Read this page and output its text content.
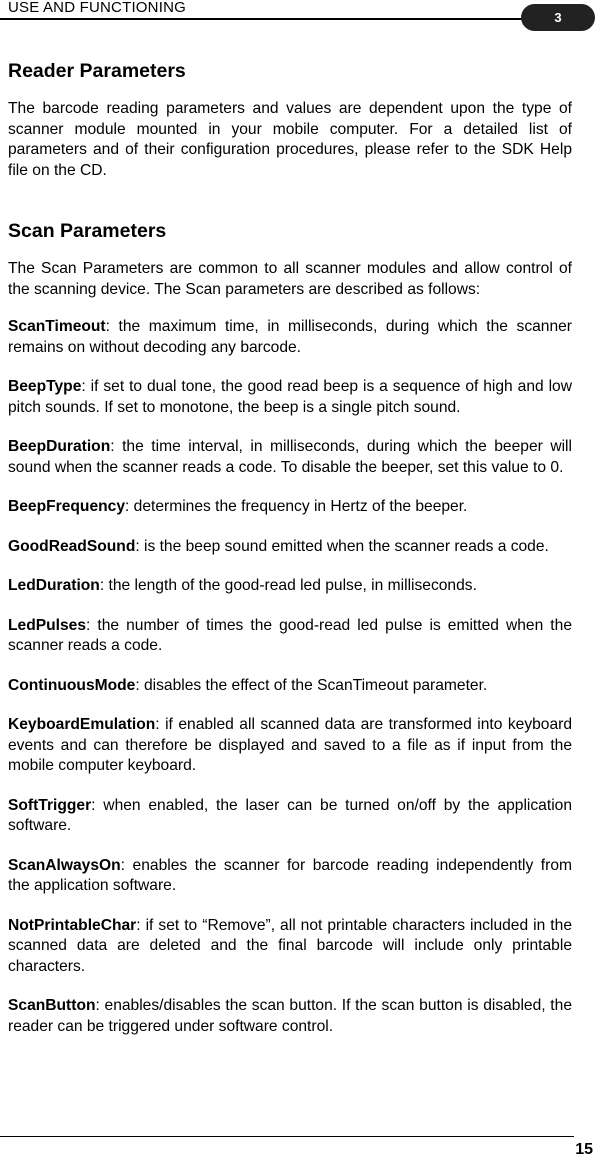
USE AND FUNCTIONING
3
Reader Parameters

The barcode reading parameters and values are dependent upon the type of scanner module mounted in your mobile computer. For a detailed list of parameters and of their configuration procedures, please refer to the SDK Help file on the CD.

Scan Parameters

The Scan Parameters are common to all scanner modules and allow control of the scanning device. The Scan parameters are described as follows:

ScanTimeout: the maximum time, in milliseconds, during which the scanner remains on without decoding any barcode.

BeepType: if set to dual tone, the good read beep is a sequence of high and low pitch sounds. If set to monotone, the beep is a single pitch sound.

BeepDuration: the time interval, in milliseconds, during which the beeper will sound when the scanner reads a code. To disable the beeper, set this value to 0.

BeepFrequency: determines the frequency in Hertz of the beeper.

GoodReadSound: is the beep sound emitted when the scanner reads a code.

LedDuration: the length of the good-read led pulse, in milliseconds.

LedPulses: the number of times the good-read led pulse is emitted when the scanner reads a code.

ContinuousMode: disables the effect of the ScanTimeout parameter.

KeyboardEmulation: if enabled all scanned data are transformed into keyboard events and can therefore be displayed and saved to a file as if input from the mobile computer keyboard.

SoftTrigger: when enabled, the laser can be turned on/off by the application software.

ScanAlwaysOn: enables the scanner for barcode reading independently from the application software.

NotPrintableChar: if set to “Remove”, all not printable characters included in the scanned data are deleted and the final barcode will include only printable characters.

ScanButton: enables/disables the scan button. If the scan button is disabled, the reader can be triggered under software control.

15
